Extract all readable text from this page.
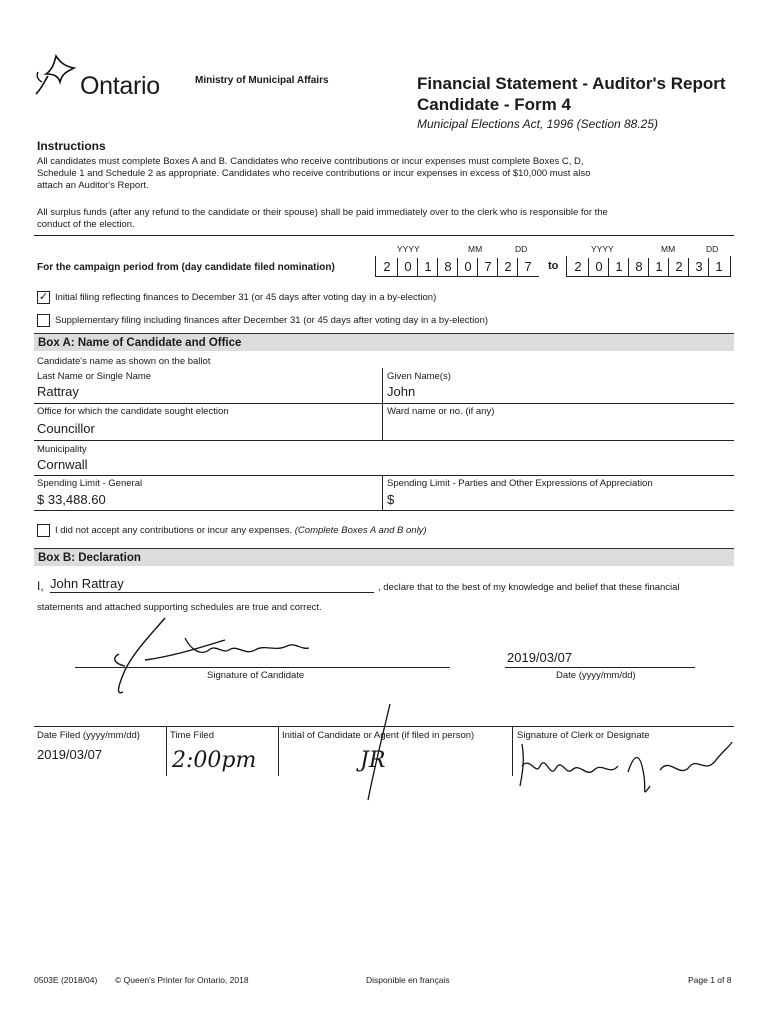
Ontario	Ministry of Municipal Affairs	Financial Statement - Auditor's Report
Candidate - Form 4
Municipal Elections Act, 1996 (Section 88.25)
Instructions
All candidates must complete Boxes A and B. Candidates who receive contributions or incur expenses must complete Boxes C, D,
Schedule 1 and Schedule 2 as appropriate. Candidates who receive contributions or incur expenses in excess of $10,000 must also
attach an Auditor's Report.
All surplus funds (after any refund to the candidate or their spouse) shall be paid immediately over to the clerk who is responsible for the
conduct of the election.
YYYY	MM	DD	YYYY	MM	DD
For the campaign period from (day candidate filed nomination)	2	0 1 8 0 7 2 7	to	2	0 1 8 1 2 3 1
✓ Initial filing reflecting finances to December 31 (or 45 days after voting day in a by-election)
Supplementary filing including finances after December 31 (or 45 days after voting day in a by-election)
Box A: Name of Candidate and Office
Candidate's name as shown on the ballot
Last Name or Single Name
Rattray
Given Name(s)
John
Office for which the candidate sought election
Councillor
Ward name or no. (if any)
Municipality
Cornwall
Spending Limit - General
$ 33,488.60
Spending Limit - Parties and Other Expressions of Appreciation
$
I did not accept any contributions or incur any expenses. (Complete Boxes A and B only)
Box B: Declaration
I, John Rattray	, declare that to the best of my knowledge and belief that these financial
statements and attached supporting schedules are true and correct.
Signature of Candidate
2019/03/07
Date (yyyy/mm/dd)
Date Filed (yyyy/mm/dd)
2019/03/07
Time Filed
2:00pm
Initial of Candidate or Agent (if filed in person)
JR
Signature of Clerk or Designate
0503E (2018/04) © Queen's Printer for Ontario, 2018	Disponible en français	Page 1 of 8
